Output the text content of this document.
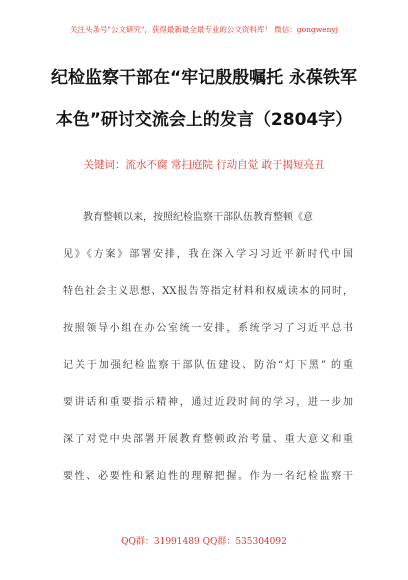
关注头条号"公文研究"，获得最新最全最专业的公文资料库！ 微信：gongwenyj
纪检监察干部在“牢记殷殷嘱托 永葆铁军
本色”研讨交流会上的发言（2804字）
关键词：流水不腐 常扫庭院 行动自觉 敢于揭短亮丑
教育整顿以来，按照纪检监察干部队伍教育整顿《意
见》《方案》部署安排，我在深入学习习近平新时代中国
特色社会主义思想、XX报告等指定材料和权威读本的同时，
按照领导小组在办公室统一安排，系统学习了习近平总书
记关于加强纪检监察干部队伍建设、防治“灯下黑” 的重
要讲话和重要指示精神，通过近段时间的学习，进一步加
深了对党中央部署开展教育整顿政治考量、重大意义和重
要性、必要性和紧迫性的理解把握。作为一名纪检监察干
QQ群：31991489 QQ群：535304092
